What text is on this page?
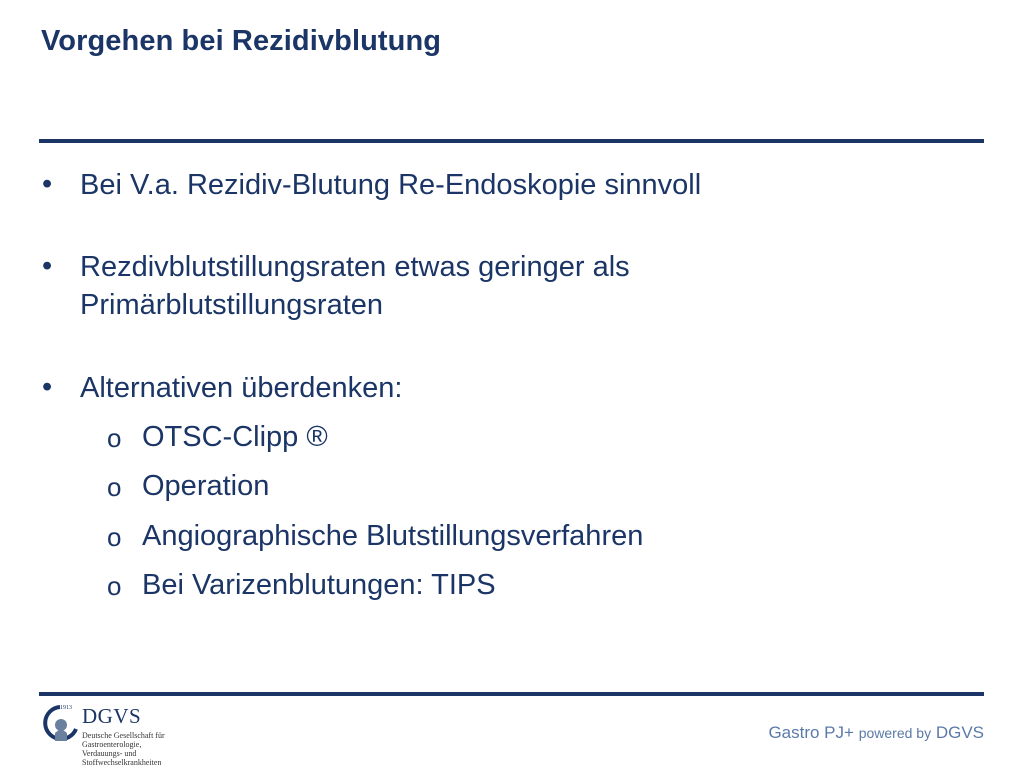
Vorgehen bei Rezidivblutung
• Bei V.a. Rezidiv-Blutung Re-Endoskopie sinnvoll
• Rezdivblutstillungsraten etwas geringer als
Primärblutstillungsraten
• Alternativen überdenken:
o OTSC-Clipp ®
o Operation
o Angiographische Blutstillungsverfahren
o Bei Varizenblutungen: TIPS
1913 DGVS
Deutsche Gesellschaft für
Gastroenterologie,
Verdauungs- und
Stoffwechselkrankheiten
Gastro PJ+ powered by DGVS
